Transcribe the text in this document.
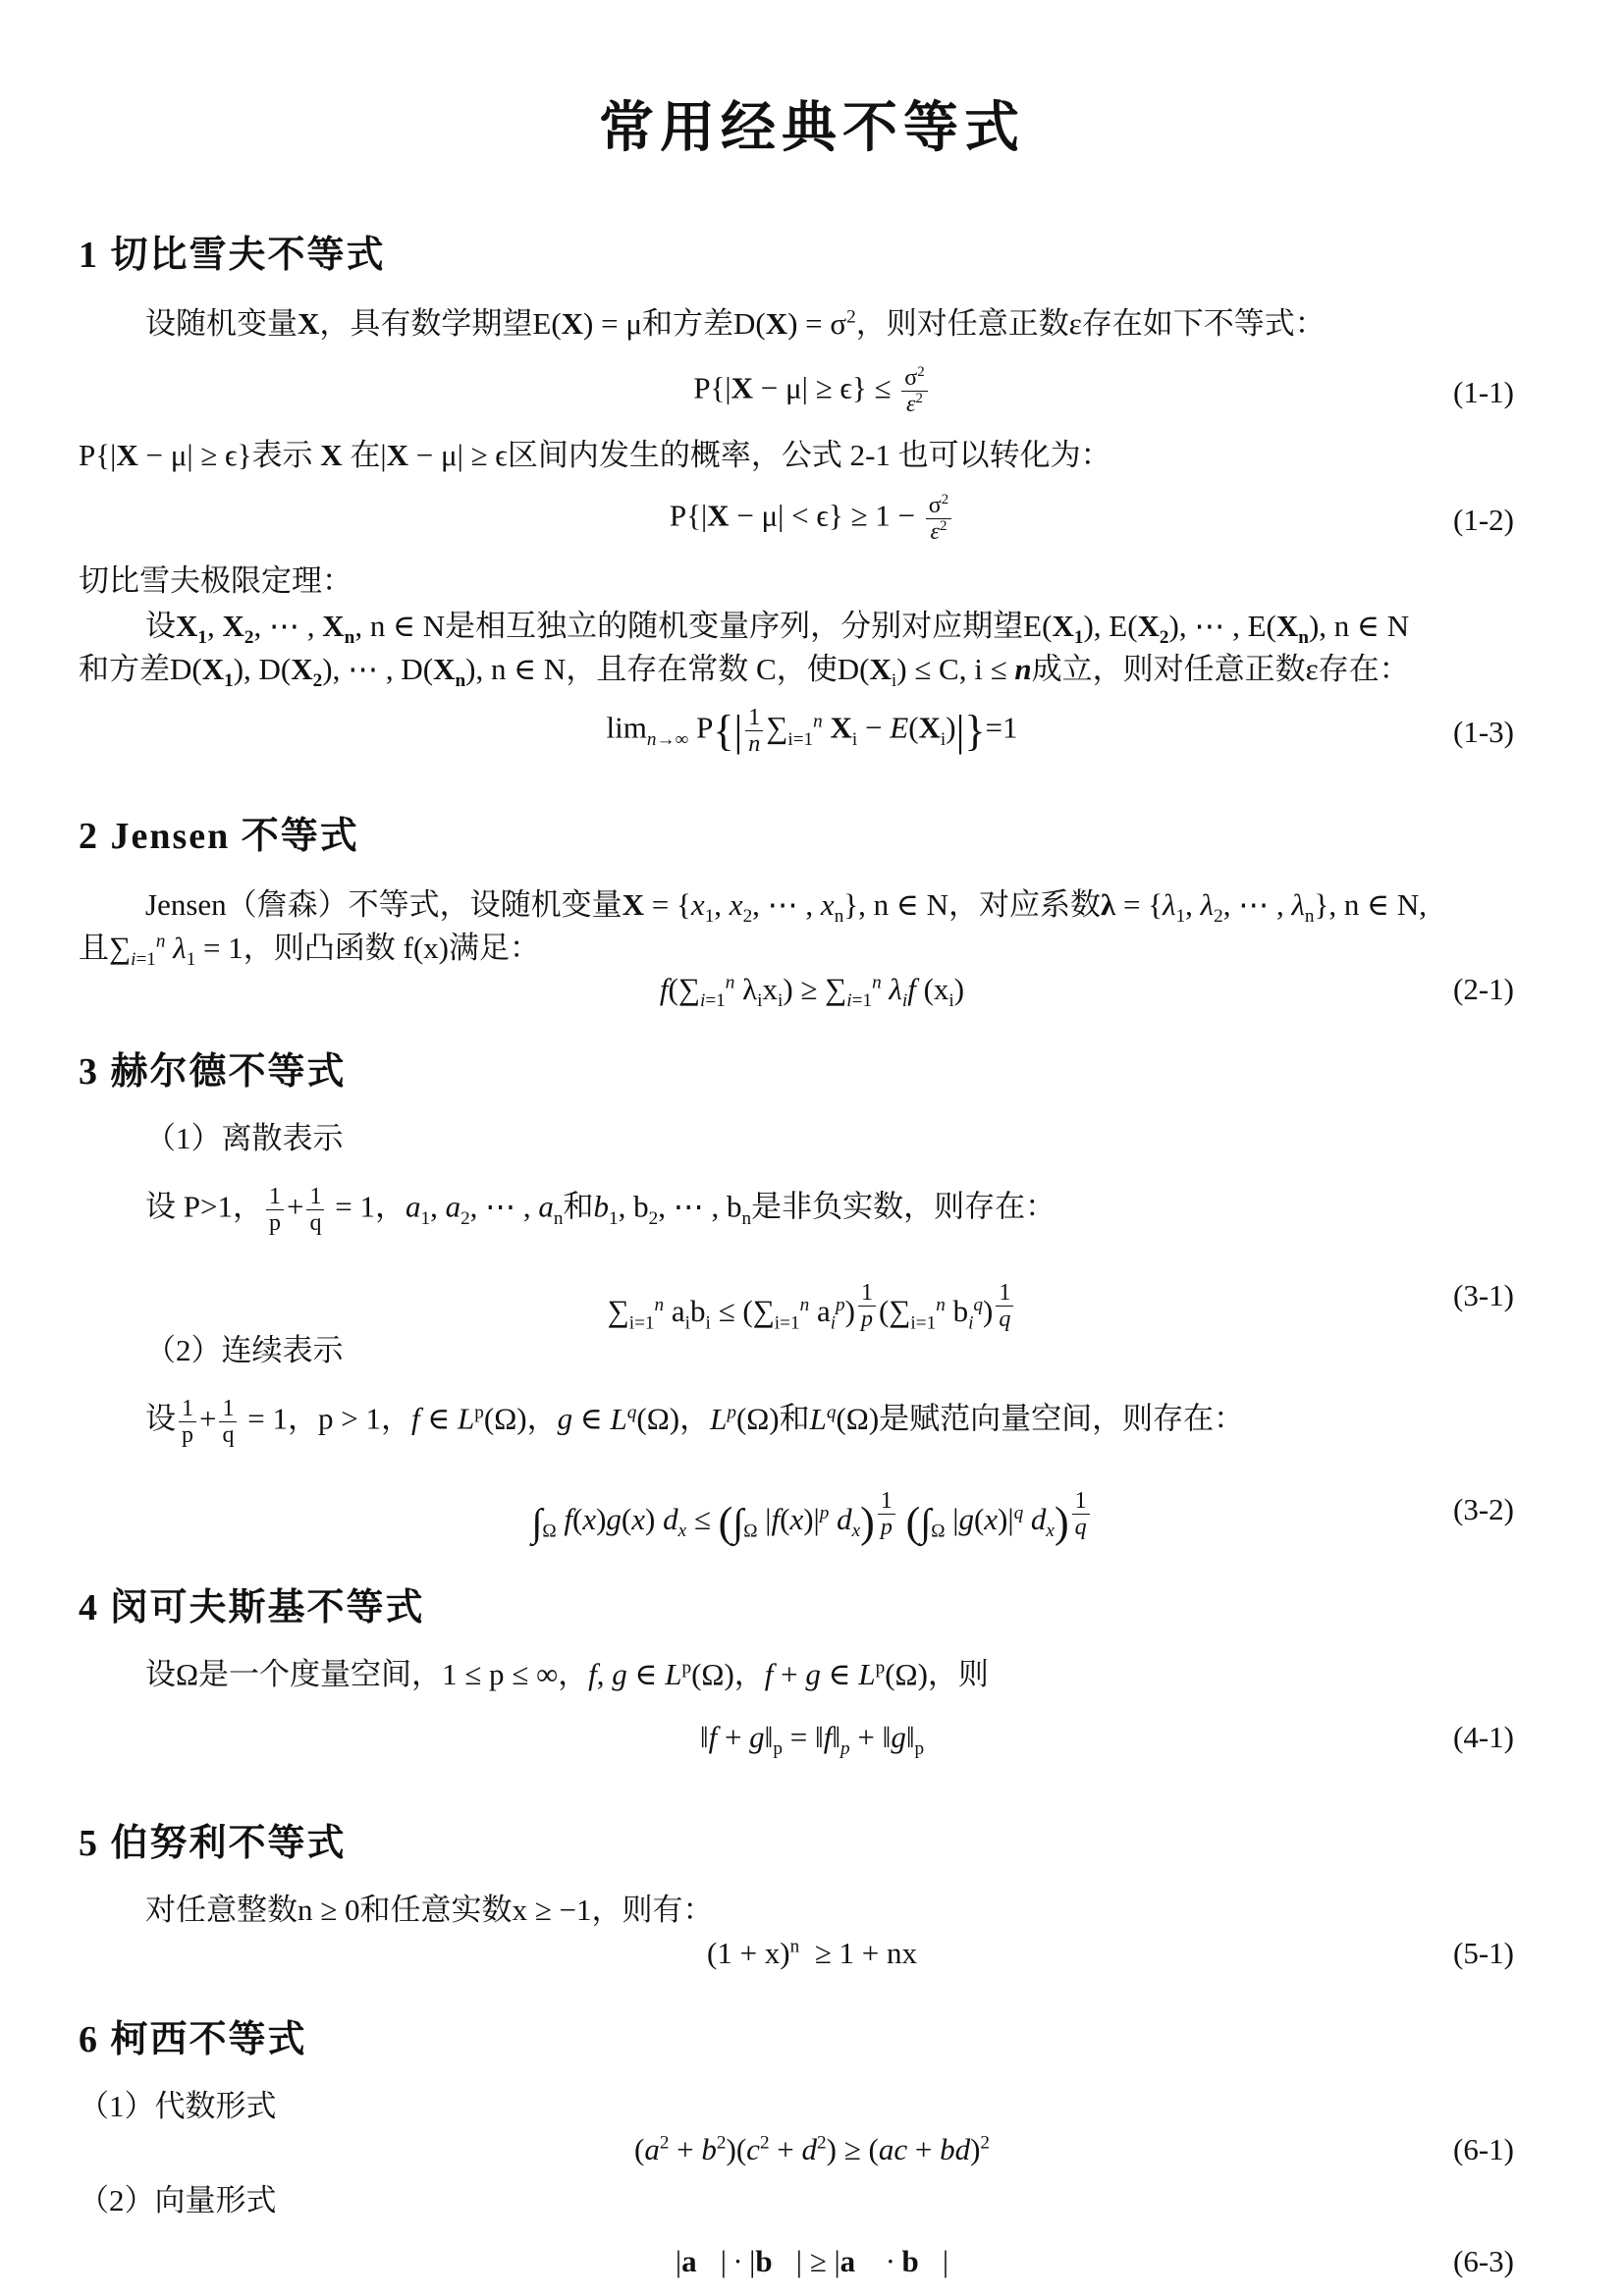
常用经典不等式
1 切比雪夫不等式
设随机变量X，具有数学期望E(X) = μ和方差$D(X) = \sigma^2$，则对任意正数ε存在如下不等式：
$P\{|X - \mu| \ge \epsilon\} \le \frac{\sigma^2}{\varepsilon^2}$	(1-1)
P{|X − μ| ≥ ϵ}表示 X 在|X − μ| ≥ ϵ区间内发生的概率，公式 2-1 也可以转化为：
$P\{|X - \mu| < \epsilon\} \ge 1 - \frac{\sigma^2}{\varepsilon^2}$	(1-2)
切比雪夫极限定理：
设$X_1$, $X_2$, ⋯ , $X_n$, n ∈ N是相互独立的随机变量序列，分别对应期望$E(X_1)$, $E(X_2)$, ⋯ , $E(X_n)$, n ∈ N
和方差$D(X_1)$, $D(X_2)$, ⋯ , $D(X_n)$, n ∈ N，且存在常数 C，使$D(X_i) \le C$, i ≤ n成立，则对任意正数ε存在：
$\lim_{n\to\infty} P\{| \frac{1}{n} \sum_{i=1}^n$ $X_i - E(X_i)|\}=1$	(1-3)
2 Jensen 不等式
Jensen（詹森）不等式，设随机变量$X = \{x_1$, $x_2$, ⋯ , $x_n$}, n ∈ N，对应系数$\lambda = \{\lambda_1$, $\lambda_2$, ⋯ , $\lambda_n$}, n ∈ N,
且$\sum_{i=1}^n$ $\lambda_1 = 1$，则凸函数 f(x)满足：
$f(\sum_{i=1}^n$ $\lambda_ix_i) \ge \sum_{i=1}^n$ $\lambda_if$ $(x_i)$	(2-1)
3 赫尔德不等式
（1）离散表示
设 P>1， $\frac{1}{p} + \frac{1}{q} = 1$，$a_1$, $a_2$, ⋯ , $a_n$和$b_1$, $b_2$, ⋯ , $b_n$是非负实数，则存在：
$\sum_{i=1}^n$ $a_ib_i \le (\sum_{i=1}^n$ $a_i^p$) $^{\frac{1}{p}}$ ($\sum_{i=1}^n$ $b_i^q$) $^{\frac{1}{q}}$	(3-1)
（2）连续表示
设 $\frac{1}{p} + \frac{1}{q} = 1$，p > 1，f ∈ $L^p(\Omega)$，g ∈ $L^q(\Omega)$，$L^p(\Omega)$和$L^q(\Omega)$是赋范向量空间，则存在：
$\int_\Omega$ f(x)g(x) $d_x \le (\int_\Omega$ $|f(x)|^p$ $d_x$) $^{\frac{1}{p}}$ ($\int_\Omega$ $|g(x)|^q$ $d_x$) $^{\frac{1}{q}}$	(3-2)
4 闵可夫斯基不等式
设Ω是一个度量空间，1 ≤ p ≤ ∞，f, g ∈ $L^p(\Omega)$，f + g ∈ $L^p(\Omega)$，则
‖f + $g‖_p$ = $‖f‖_p$ + $‖g‖_p$	(4-1)
5 伯努利不等式
对任意整数n ≥ 0和任意实数x ≥ −1，则有：
$(1 + x)^n \ge 1$ + nx	(5-1)
6 柯西不等式
（1）代数形式
$(a^2 + b^2)(c^2 + d^2) \ge (ac + bd)^2$	(6-1)
（2）向量形式
|a⃗| ∙ |b⃗| ≥ |a⃗ ∙ b⃗|	(6-3)
